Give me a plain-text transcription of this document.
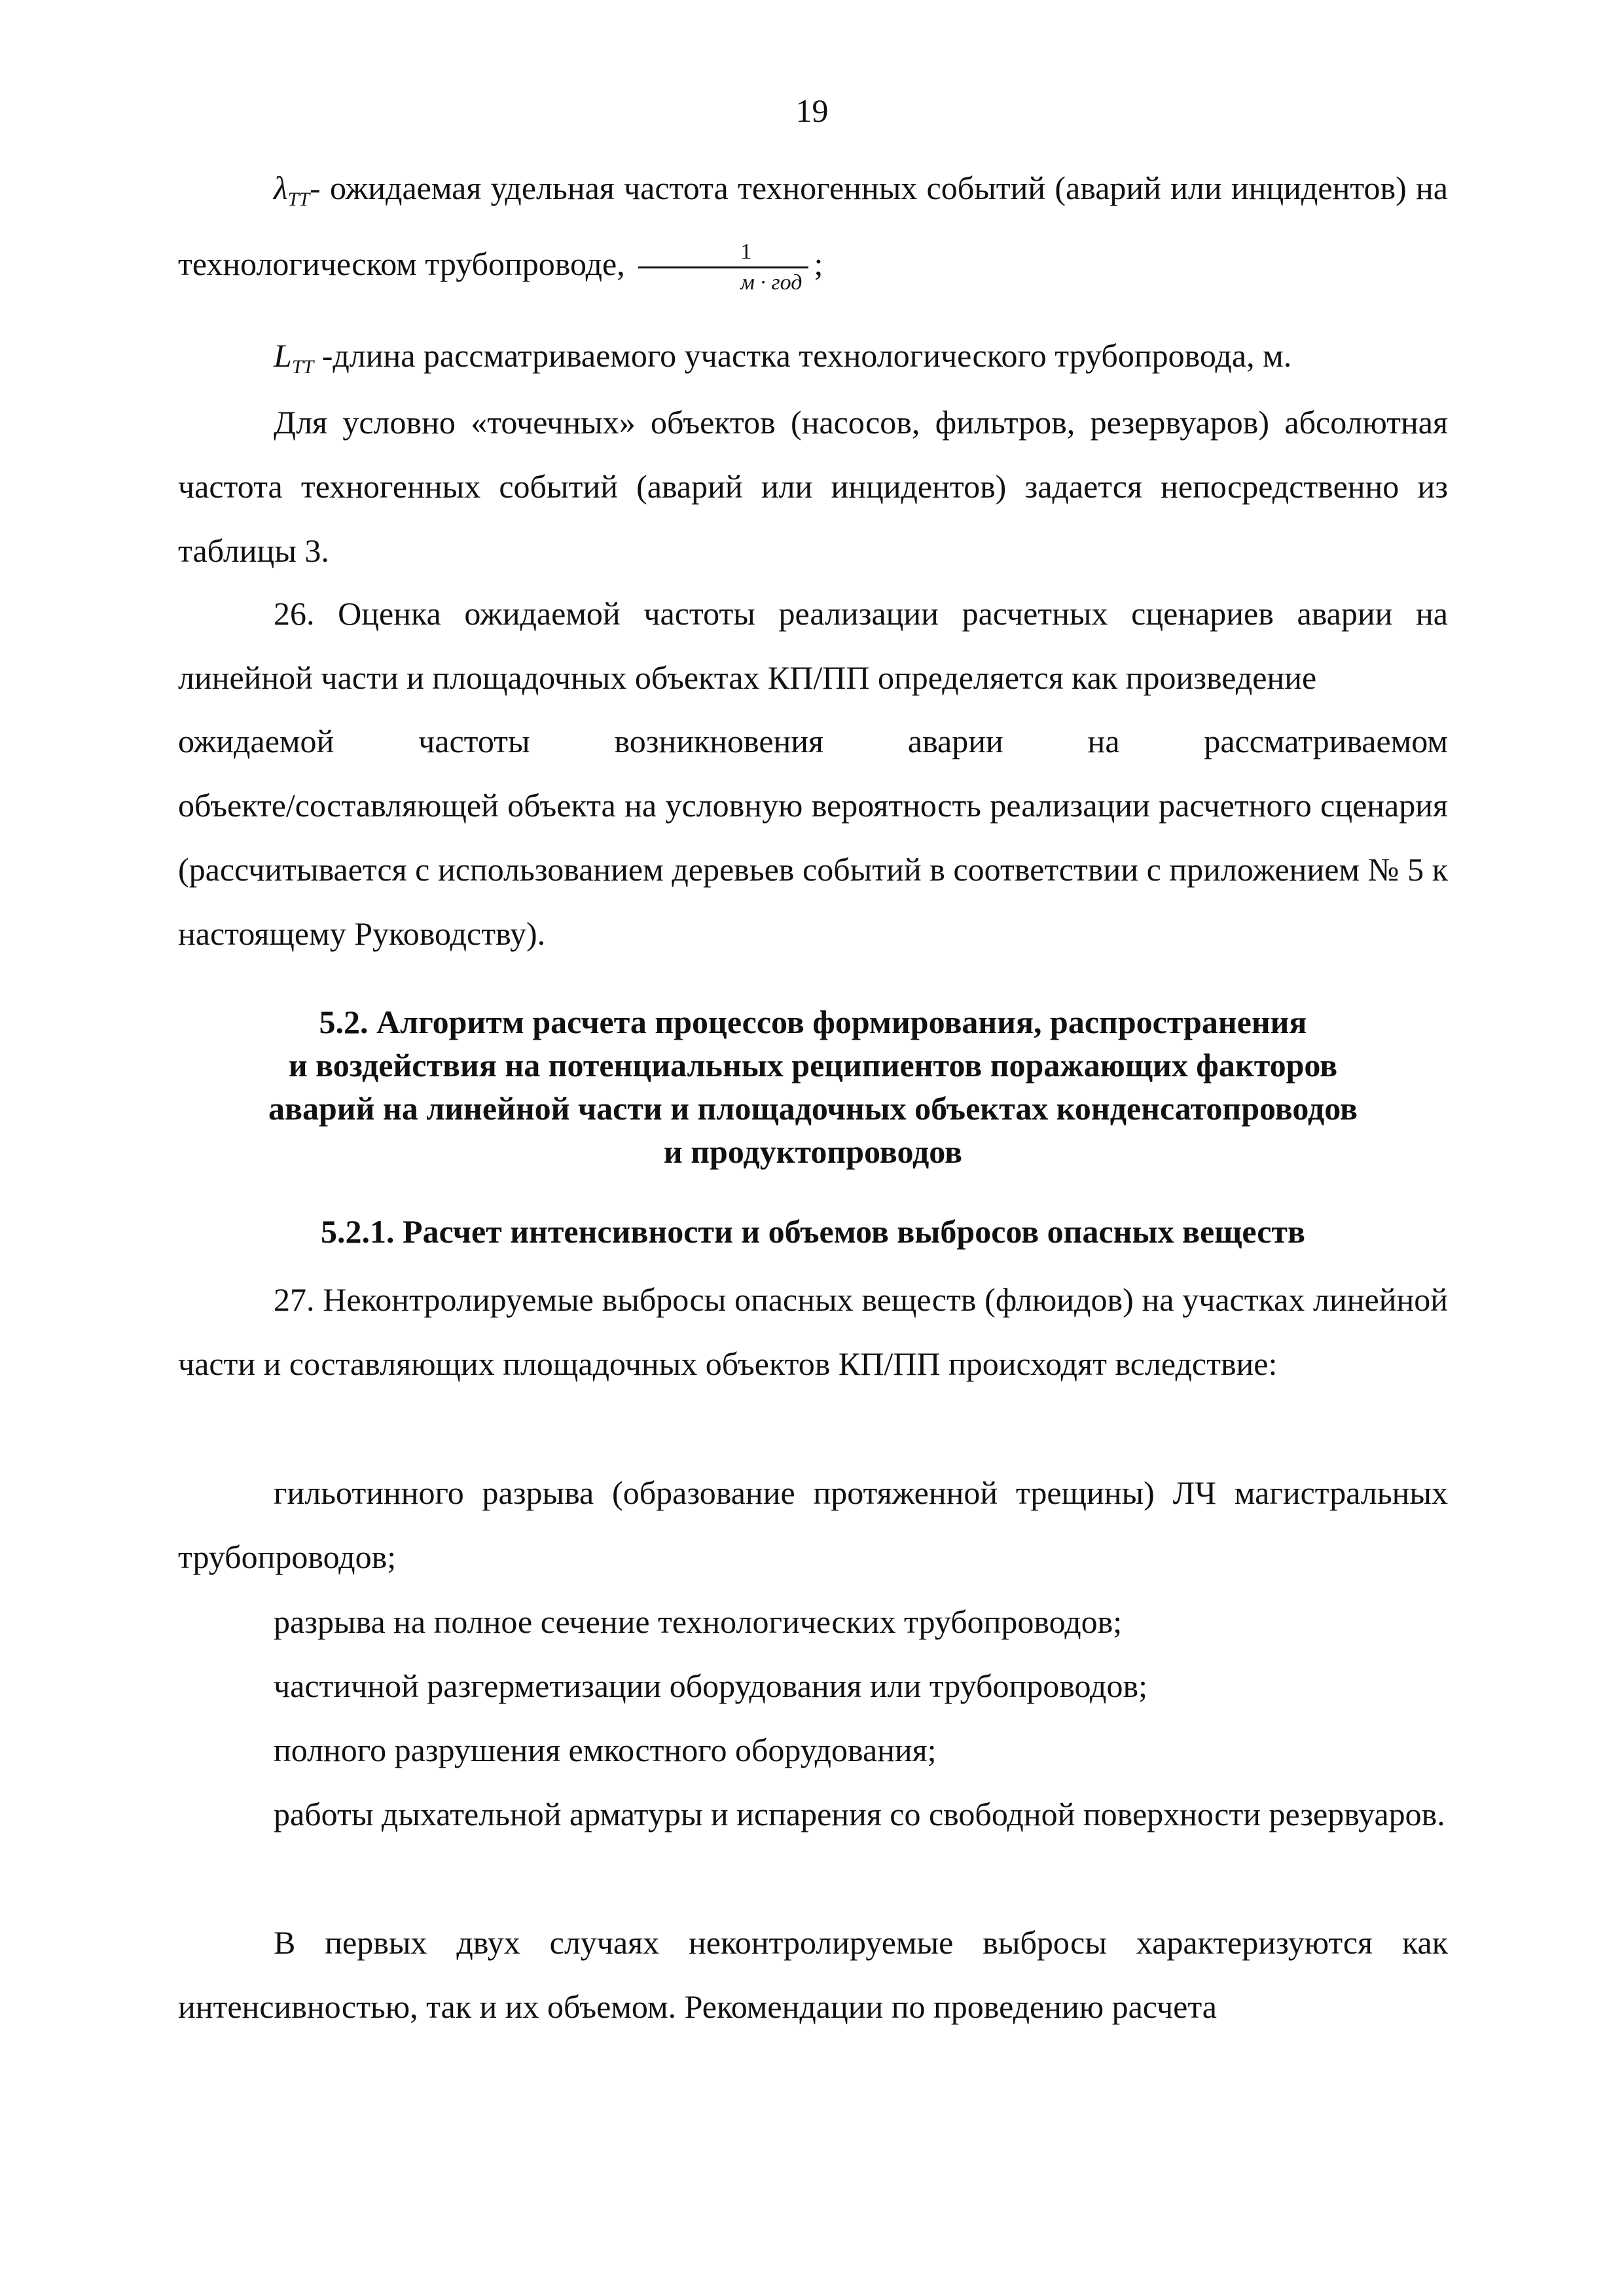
19

$\lambda_{ТТ}-$ ожидаемая удельная частота техногенных событий (аварий или инцидентов) на технологическом трубопроводе, $\frac{1}{\text{м · год}}$ ;

$L_{ТТ}$ -длина рассматриваемого участка технологического трубопровода, м.

Для условно «точечных» объектов (насосов, фильтров, резервуаров) абсолютная частота техногенных событий (аварий или инцидентов) задается непосредственно из таблицы 3.

26. Оценка ожидаемой частоты реализации расчетных сценариев аварии на линейной части и площадочных объектах КП/ПП определяется как произведение

ожидаемой частоты возникновения аварии на рассматриваемом

объекте/составляющей объекта на условную вероятность реализации расчетного сценария (рассчитывается с использованием деревьев событий в соответствии с приложением № 5 к настоящему Руководству).

5.2. Алгоритм расчета процессов формирования, распространения

и воздействия на потенциальных реципиентов поражающих факторов

аварий на линейной части и площадочных объектах конденсатопроводов

и продуктопроводов

5.2.1. Расчет интенсивности и объемов выбросов опасных веществ

27. Неконтролируемые выбросы опасных веществ (флюидов) на участках линейной части и составляющих площадочных объектов КП/ПП происходят вследствие:

гильотинного разрыва (образование протяженной трещины) ЛЧ магистральных трубопроводов;

разрыва на полное сечение технологических трубопроводов;

частичной разгерметизации оборудования или трубопроводов;

полного разрушения емкостного оборудования;

работы дыхательной арматуры и испарения со свободной поверхности резервуаров.

В первых двух случаях неконтролируемые выбросы характеризуются как интенсивностью, так и их объемом. Рекомендации по проведению расчета
